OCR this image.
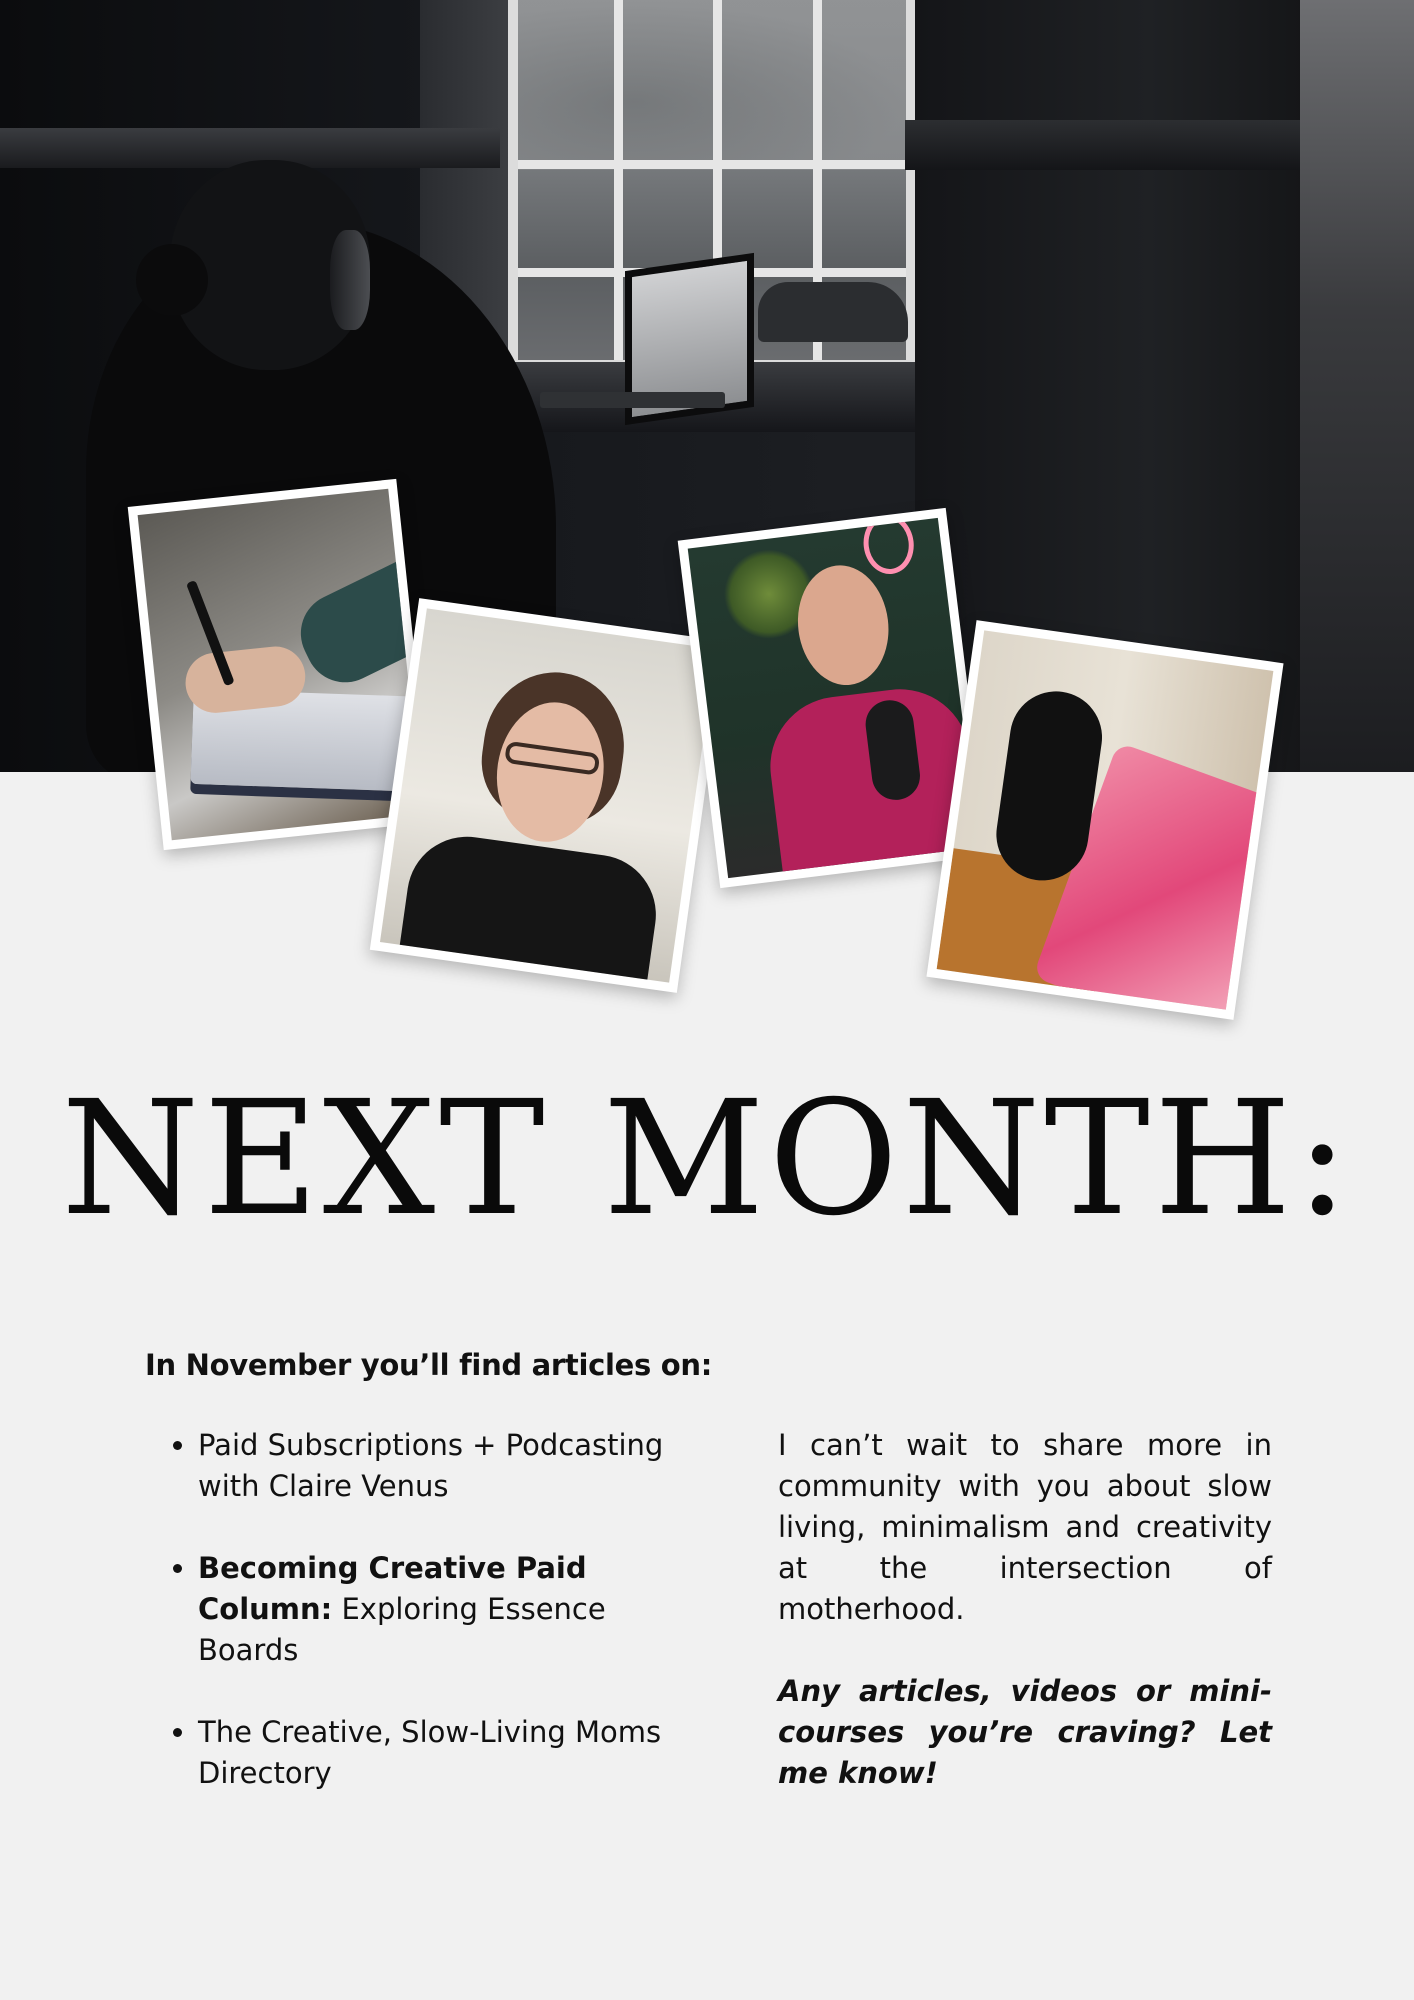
NEXT MONTH:
In November you’ll find articles on:
• Paid Subscriptions + Podcasting with Claire Venus
• Becoming Creative Paid Column: Exploring Essence Boards
• The Creative, Slow-Living Moms Directory

I can’t wait to share more in community with you about slow living, minimalism and creativity at the intersection of motherhood.

Any articles, videos or mini-courses you’re craving? Let me know!
